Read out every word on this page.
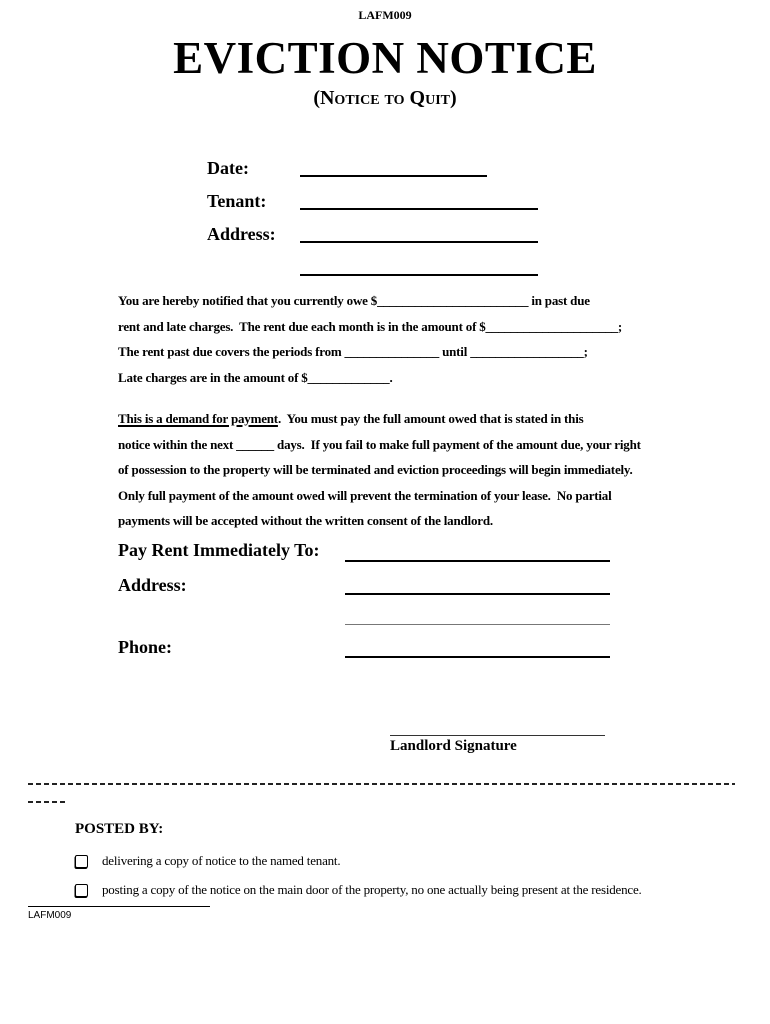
LAFM009
EVICTION NOTICE
(Notice to Quit)
Date:
Tenant:
Address:
You are hereby notified that you currently owe $________________________ in past due
rent and late charges.  The rent due each month is in the amount of $_____________________;
The rent past due covers the periods from _______________ until __________________;
Late charges are in the amount of $_____________.
This is a demand for payment.  You must pay the full amount owed that is stated in this
notice within the next ______ days.  If you fail to make full payment of the amount due, your right
of possession to the property will be terminated and eviction proceedings will begin immediately.
Only full payment of the amount owed will prevent the termination of your lease.  No partial
payments will be accepted without the written consent of the landlord.
Pay Rent Immediately To:
Address:
Phone:
Landlord Signature
POSTED BY:
delivering a copy of notice to the named tenant.
posting a copy of the notice on the main door of the property, no one actually being present at the residence.
LAFM009
